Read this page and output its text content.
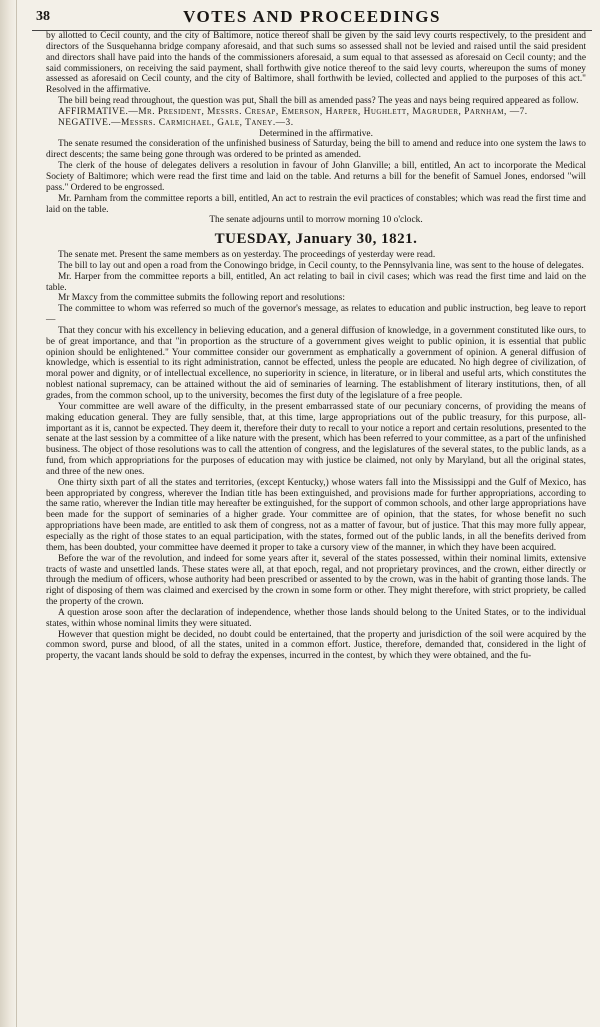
38	VOTES AND PROCEEDINGS

by allotted to Cecil county, and the city of Baltimore, notice thereof shall be given by the said levy courts respectively, to the president and directors of the Susquehanna bridge company aforesaid, and that such sums so assessed shall not be levied and raised until the said president and directors shall have paid into the hands of the commissioners aforesaid, a sum equal to that assessed as aforesaid on Cecil county; and the said commissioners, on receiving the said payment, shall forthwith give notice thereof to the said levy courts, whereupon the sums of money assessed as aforesaid on Cecil county, and the city of Baltimore, shall forthwith be levied, collected and applied to the purposes of this act." Resolved in the affirmative.

The bill being read throughout, the question was put, Shall the bill as amended pass? The yeas and nays being required appeared as follow.

AFFIRMATIVE.—Mr. President, Messrs. Cresap, Emerson, Harper, Hughlett, Magruder, Parnham, —7.

NEGATIVE.—Messrs. Carmichael, Gale, Taney.—3.

Determined in the affirmative.

The senate resumed the consideration of the unfinished business of Saturday, being the bill to amend and reduce into one system the laws to direct descents; the same being gone through was ordered to be printed as amended.

The clerk of the house of delegates delivers a resolution in favour of John Glanville; a bill, entitled, An act to incorporate the Medical Society of Baltimore; which were read the first time and laid on the table. And returns a bill for the benefit of Samuel Jones, endorsed "will pass." Ordered to be engrossed.

Mr. Parnham from the committee reports a bill, entitled, An act to restrain the evil practices of constables; which was read the first time and laid on the table.

The senate adjourns until to morrow morning 10 o'clock.

TUESDAY, January 30, 1821.

The senate met. Present the same members as on yesterday. The proceedings of yesterday were read.

The bill to lay out and open a road from the Conowingo bridge, in Cecil county, to the Pennsylvania line, was sent to the house of delegates.

Mr. Harper from the committee reports a bill, entitled, An act relating to bail in civil cases; which was read the first time and laid on the table.

Mr Maxcy from the committee submits the following report and resolutions:

The committee to whom was referred so much of the governor's message, as relates to education and public instruction, beg leave to report—

That they concur with his excellency in believing education, and a general diffusion of knowledge, in a government constituted like ours, to be of great importance, and that "in proportion as the structure of a government gives weight to public opinion, it is essential that public opinion should be enlightened." Your committee consider our government as emphatically a government of opinion. A general diffusion of knowledge, which is essential to its right administration, cannot be effected, unless the people are educated. No high degree of civilization, of moral power and dignity, or of intellectual excellence, no superiority in science, in literature, or in liberal and useful arts, which constitutes the noblest national supremacy, can be attained without the aid of seminaries of learning. The establishment of literary institutions, then, of all grades, from the common school, up to the university, becomes the first duty of the legislature of a free people.

Your committee are well aware of the difficulty, in the present embarrassed state of our pecuniary concerns, of providing the means of making education general. They are fully sensible, that, at this time, large appropriations out of the public treasury, for this purpose, all-important as it is, cannot be expected. They deem it, therefore their duty to recall to your notice a report and certain resolutions, presented to the senate at the last session by a committee of a like nature with the present, which has been referred to your committee, as a part of the unfinished business. The object of those resolutions was to call the attention of congress, and the legislatures of the several states, to the public lands, as a fund, from which appropriations for the purposes of education may with justice be claimed, not only by Maryland, but all the original states, and three of the new ones.

One thirty sixth part of all the states and territories, (except Kentucky,) whose waters fall into the Mississippi and the Gulf of Mexico, has been appropriated by congress, wherever the Indian title has been extinguished, and provisions made for further appropriations, according to the same ratio, wherever the Indian title may hereafter be extinguished, for the support of common schools, and other large appropriations have been made for the support of seminaries of a higher grade. Your committee are of opinion, that the states, for whose benefit no such appropriations have been made, are entitled to ask them of congress, not as a matter of favour, but of justice. That this may more fully appear, especially as the right of those states to an equal participation, with the states, formed out of the public lands, in all the benefits derived from them, has been doubted, your committee have deemed it proper to take a cursory view of the manner, in which they have been acquired.

Before the war of the revolution, and indeed for some years after it, several of the states possessed, within their nominal limits, extensive tracts of waste and unsettled lands. These states were all, at that epoch, regal, and not proprietary provinces, and the crown, either directly or through the medium of officers, whose authority had been prescribed or assented to by the crown, was in the habit of granting those lands. The right of disposing of them was claimed and exercised by the crown in some form or other. They might therefore, with strict propriety, be called the property of the crown.

A question arose soon after the declaration of independence, whether those lands should belong to the United States, or to the individual states, within whose nominal limits they were situated.

However that question might be decided, no doubt could be entertained, that the property and jurisdiction of the soil were acquired by the common sword, purse and blood, of all the states, united in a common effort. Justice, therefore, demanded that, considered in the light of property, the vacant lands should be sold to defray the expenses, incurred in the contest, by which they were obtained, and the fu-
